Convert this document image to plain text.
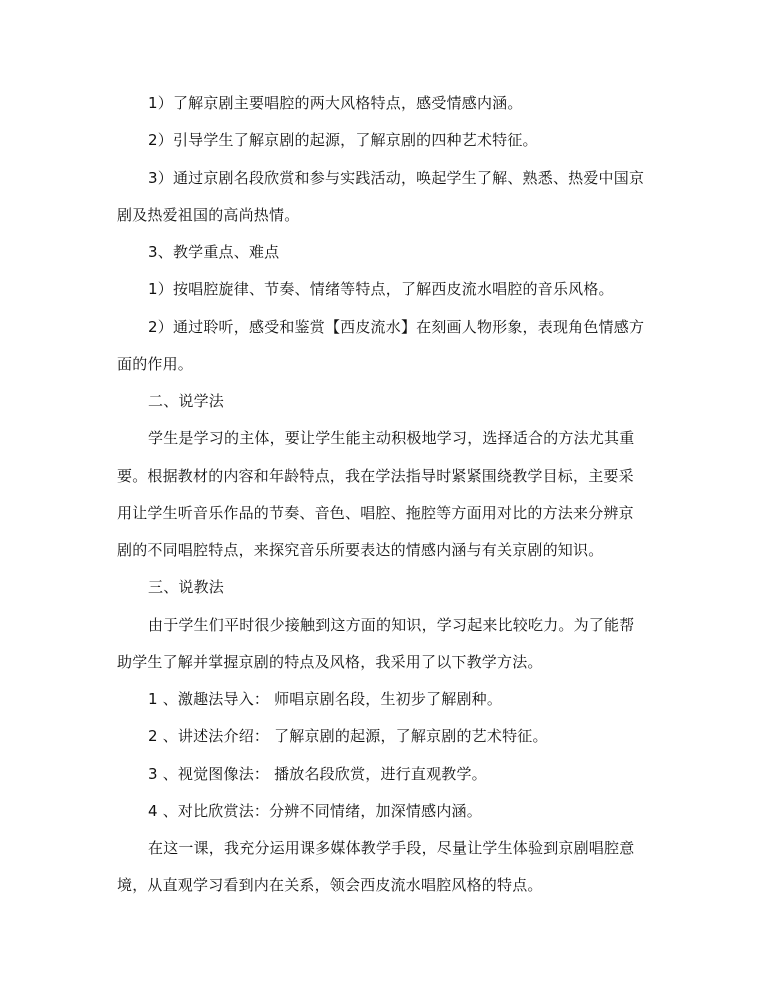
1）了解京剧主要唱腔的两大风格特点，感受情感内涵。
2）引导学生了解京剧的起源，了解京剧的四种艺术特征。
3）通过京剧名段欣赏和参与实践活动，唤起学生了解、熟悉、热爱中国京
剧及热爱祖国的高尚热情。
3、教学重点、难点
1）按唱腔旋律、节奏、情绪等特点，了解西皮流水唱腔的音乐风格。
2）通过聆听，感受和鉴赏【西皮流水】在刻画人物形象，表现角色情感方
面的作用。
二、说学法
学生是学习的主体，要让学生能主动积极地学习，选择适合的方法尤其重
要。根据教材的内容和年龄特点，我在学法指导时紧紧围绕教学目标，主要采
用让学生听音乐作品的节奏、音色、唱腔、拖腔等方面用对比的方法来分辨京
剧的不同唱腔特点，来探究音乐所要表达的情感内涵与有关京剧的知识。
三、说教法
由于学生们平时很少接触到这方面的知识，学习起来比较吃力。为了能帮
助学生了解并掌握京剧的特点及风格，我采用了以下教学方法。
1 、激趣法导入： 师唱京剧名段，生初步了解剧种。
2 、讲述法介绍： 了解京剧的起源，了解京剧的艺术特征。
3 、视觉图像法： 播放名段欣赏，进行直观教学。
4 、对比欣赏法：分辨不同情绪，加深情感内涵。
在这一课，我充分运用课多媒体教学手段，尽量让学生体验到京剧唱腔意
境，从直观学习看到内在关系，领会西皮流水唱腔风格的特点。
